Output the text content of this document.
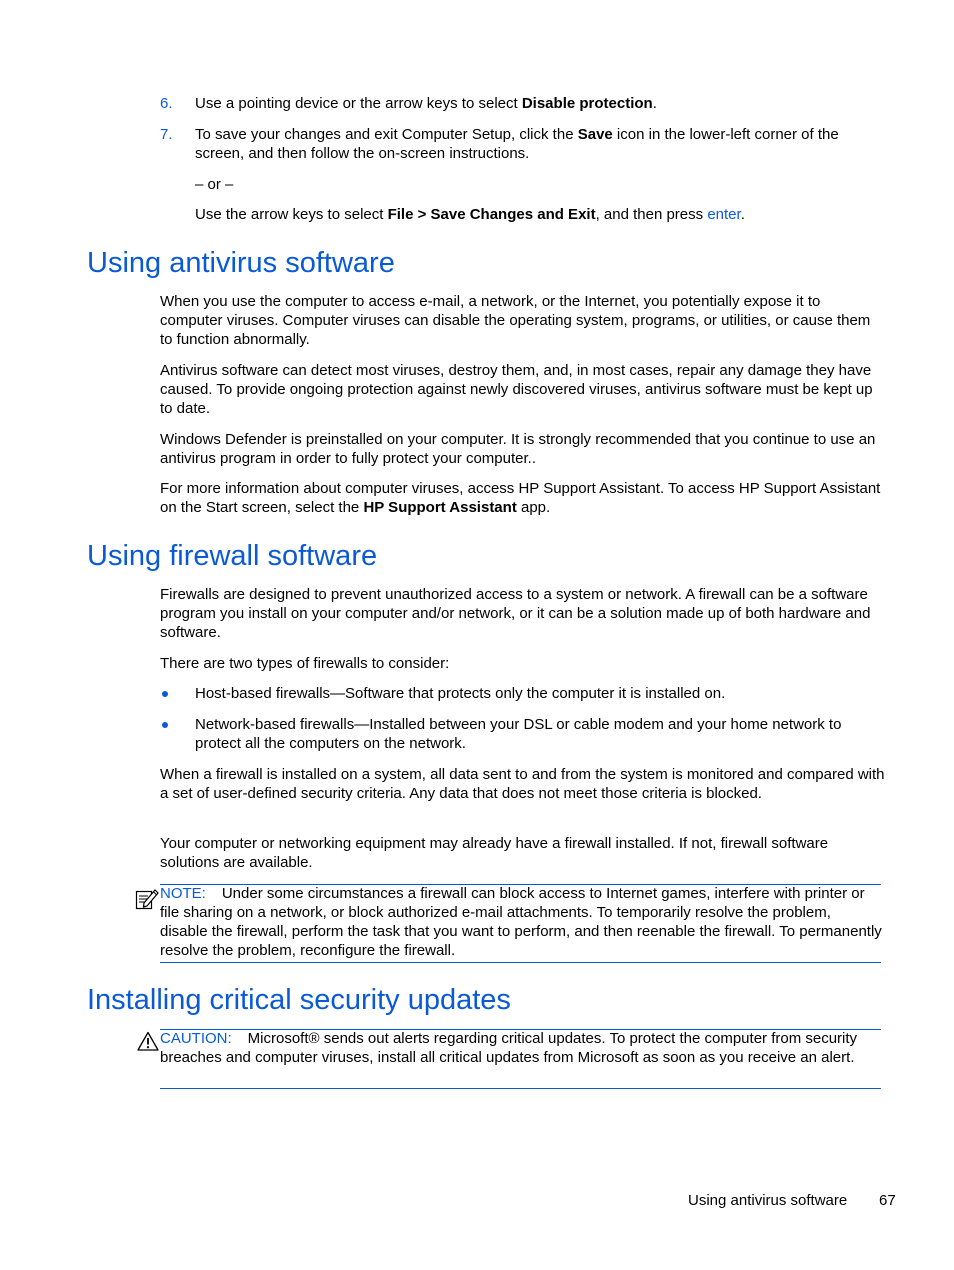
6. Use a pointing device or the arrow keys to select Disable protection.

7. To save your changes and exit Computer Setup, click the Save icon in the lower-left corner of the screen, and then follow the on-screen instructions.

– or –

Use the arrow keys to select File > Save Changes and Exit, and then press enter.

Using antivirus software

When you use the computer to access e-mail, a network, or the Internet, you potentially expose it to computer viruses. Computer viruses can disable the operating system, programs, or utilities, or cause them to function abnormally.

Antivirus software can detect most viruses, destroy them, and, in most cases, repair any damage they have caused. To provide ongoing protection against newly discovered viruses, antivirus software must be kept up to date.

Windows Defender is preinstalled on your computer. It is strongly recommended that you continue to use an antivirus program in order to fully protect your computer..

For more information about computer viruses, access HP Support Assistant. To access HP Support Assistant on the Start screen, select the HP Support Assistant app.

Using firewall software

Firewalls are designed to prevent unauthorized access to a system or network. A firewall can be a software program you install on your computer and/or network, or it can be a solution made up of both hardware and software.

There are two types of firewalls to consider:

Host-based firewalls—Software that protects only the computer it is installed on.

Network-based firewalls—Installed between your DSL or cable modem and your home network to protect all the computers on the network.

When a firewall is installed on a system, all data sent to and from the system is monitored and compared with a set of user-defined security criteria. Any data that does not meet those criteria is blocked.

Your computer or networking equipment may already have a firewall installed. If not, firewall software solutions are available.

NOTE: Under some circumstances a firewall can block access to Internet games, interfere with printer or file sharing on a network, or block authorized e-mail attachments. To temporarily resolve the problem, disable the firewall, perform the task that you want to perform, and then reenable the firewall. To permanently resolve the problem, reconfigure the firewall.

Installing critical security updates

CAUTION: Microsoft® sends out alerts regarding critical updates. To protect the computer from security breaches and computer viruses, install all critical updates from Microsoft as soon as you receive an alert.

Using antivirus software 67
